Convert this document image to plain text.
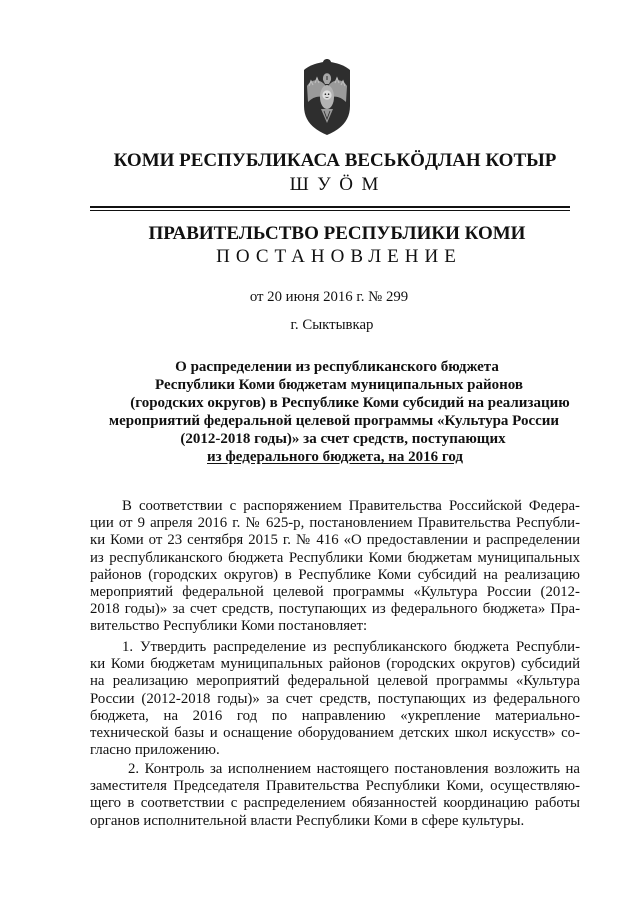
КОМИ РЕСПУБЛИКАСА ВЕСЬКӦДЛАН КОТЫР
ШУӦМ
ПРАВИТЕЛЬСТВО РЕСПУБЛИКИ КОМИ
ПОСТАНОВЛЕНИЕ
от 20 июня 2016 г. № 299
г. Сыктывкар
О распределении из республиканского бюджета
Республики Коми бюджетам муниципальных районов
(городских округов) в Республике Коми субсидий на реализацию
мероприятий федеральной целевой программы «Культура России
(2012-2018 годы)» за счет средств, поступающих
из федерального бюджета, на 2016 год
В соответствии с распоряжением Правительства Российской Федера-
ции от 9 апреля 2016 г. № 625-р, постановлением Правительства Республи-
ки Коми от 23 сентября 2015 г. № 416 «О предоставлении и распределении
из республиканского бюджета Республики Коми бюджетам муниципальных
районов (городских округов) в Республике Коми субсидий на реализацию
мероприятий федеральной целевой программы «Культура России (2012-
2018 годы)» за счет средств, поступающих из федерального бюджета» Пра-
вительство Республики Коми постановляет:
1. Утвердить распределение из республиканского бюджета Республи-
ки Коми бюджетам муниципальных районов (городских округов) субсидий
на реализацию мероприятий федеральной целевой программы «Культура
России (2012-2018 годы)» за счет средств, поступающих из федерального
бюджета, на 2016 год по направлению «укрепление материально-
технической базы и оснащение оборудованием детских школ искусств» со-
гласно приложению.
2. Контроль за исполнением настоящего постановления возложить на
заместителя Председателя Правительства Республики Коми, осуществляю-
щего в соответствии с распределением обязанностей координацию работы
органов исполнительной власти Республики Коми в сфере культуры.
